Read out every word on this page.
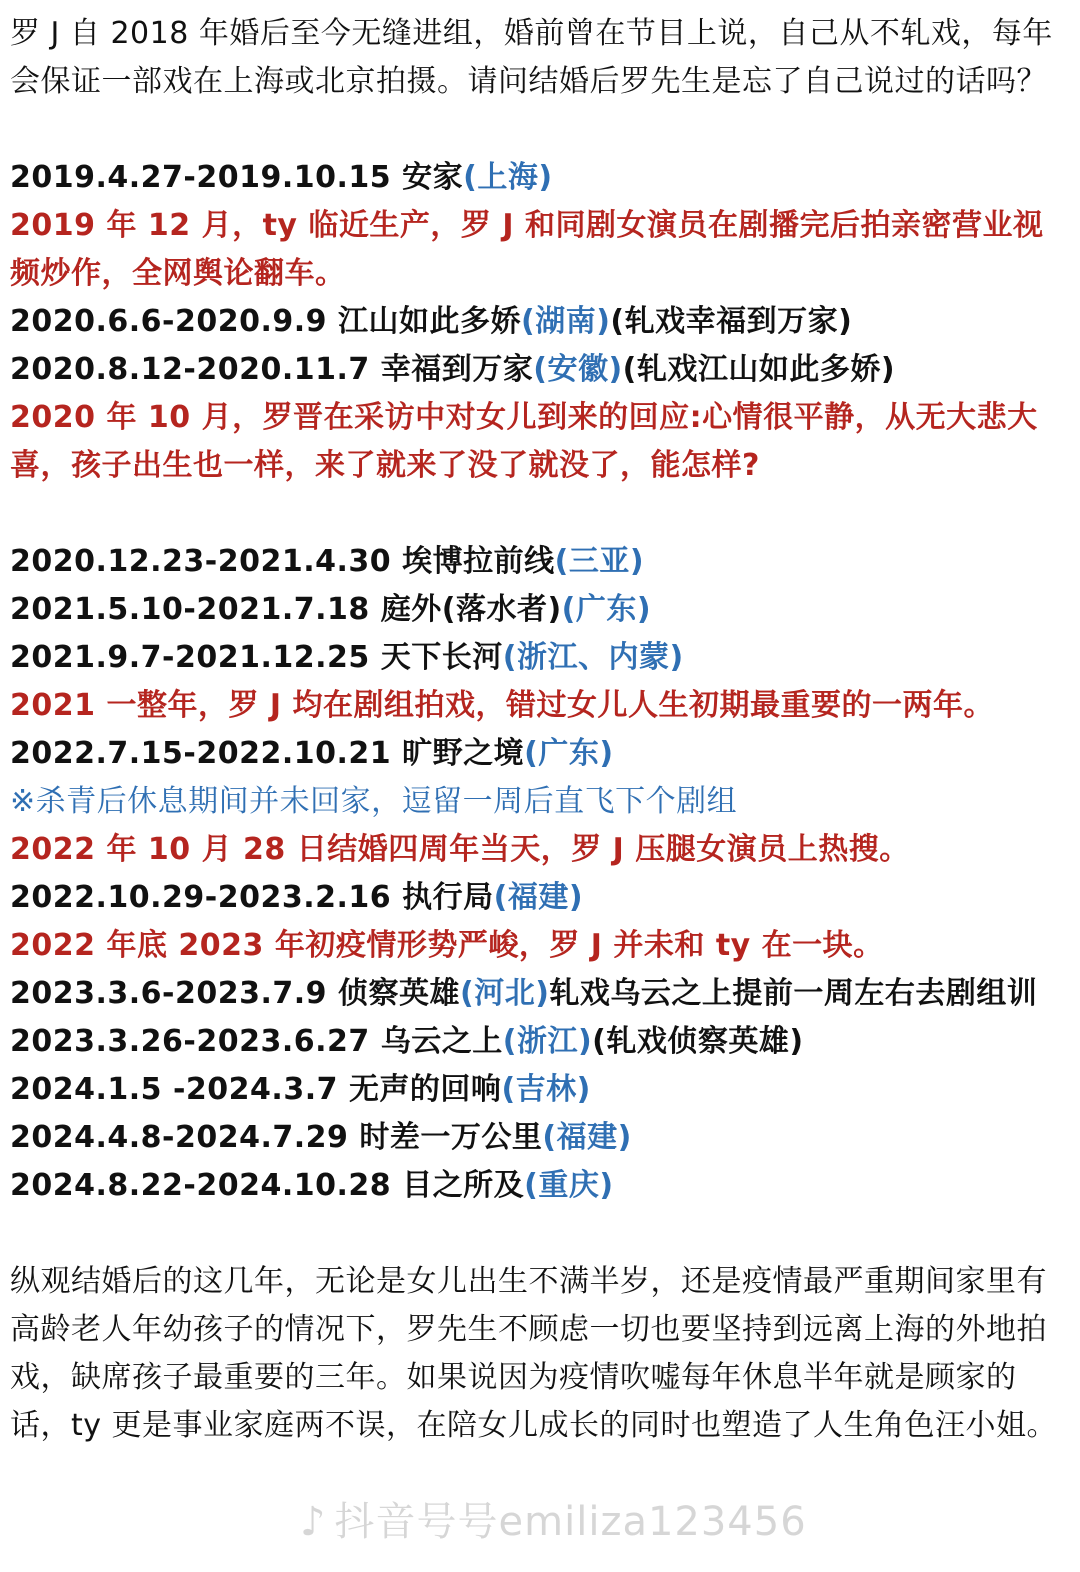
罗 J 自 2018 年婚后至今无缝进组，婚前曾在节目上说，自己从不轧戏，每年会保证一部戏在上海或北京拍摄。请问结婚后罗先生是忘了自己说过的话吗？
2019.4.27-2019.10.15 安家(上海)
2019 年 12 月，ty 临近生产，罗 J 和同剧女演员在剧播完后拍亲密营业视频炒作，全网舆论翻车。
2020.6.6-2020.9.9 江山如此多娇(湖南)(轧戏幸福到万家)
2020.8.12-2020.11.7 幸福到万家(安徽)(轧戏江山如此多娇)
2020 年 10 月，罗晋在采访中对女儿到来的回应:心情很平静，从无大悲大喜，孩子出生也一样，来了就来了没了就没了，能怎样?
2020.12.23-2021.4.30 埃博拉前线(三亚)
2021.5.10-2021.7.18 庭外(落水者)(广东)
2021.9.7-2021.12.25 天下长河(浙江、内蒙)
2021 一整年，罗 J 均在剧组拍戏，错过女儿人生初期最重要的一两年。
2022.7.15-2022.10.21 旷野之境(广东)
※杀青后休息期间并未回家，逗留一周后直飞下个剧组
2022 年 10 月 28 日结婚四周年当天，罗 J 压腿女演员上热搜。
2022.10.29-2023.2.16 执行局(福建)
2022 年底 2023 年初疫情形势严峻，罗 J 并未和 ty 在一块。
2023.3.6-2023.7.9 侦察英雄(河北)轧戏乌云之上提前一周左右去剧组训
2023.3.26-2023.6.27 乌云之上(浙江)(轧戏侦察英雄)
2024.1.5 -2024.3.7 无声的回响(吉林)
2024.4.8-2024.7.29 时差一万公里(福建)
2024.8.22-2024.10.28 目之所及(重庆)
纵观结婚后的这几年，无论是女儿出生不满半岁，还是疫情最严重期间家里有高龄老人年幼孩子的情况下，罗先生不顾虑一切也要坚持到远离上海的外地拍戏，缺席孩子最重要的三年。如果说因为疫情吹嘘每年休息半年就是顾家的话，ty 更是事业家庭两不误，在陪女儿成长的同时也塑造了人生角色汪小姐。
♪ 抖音号号emiliza123456
